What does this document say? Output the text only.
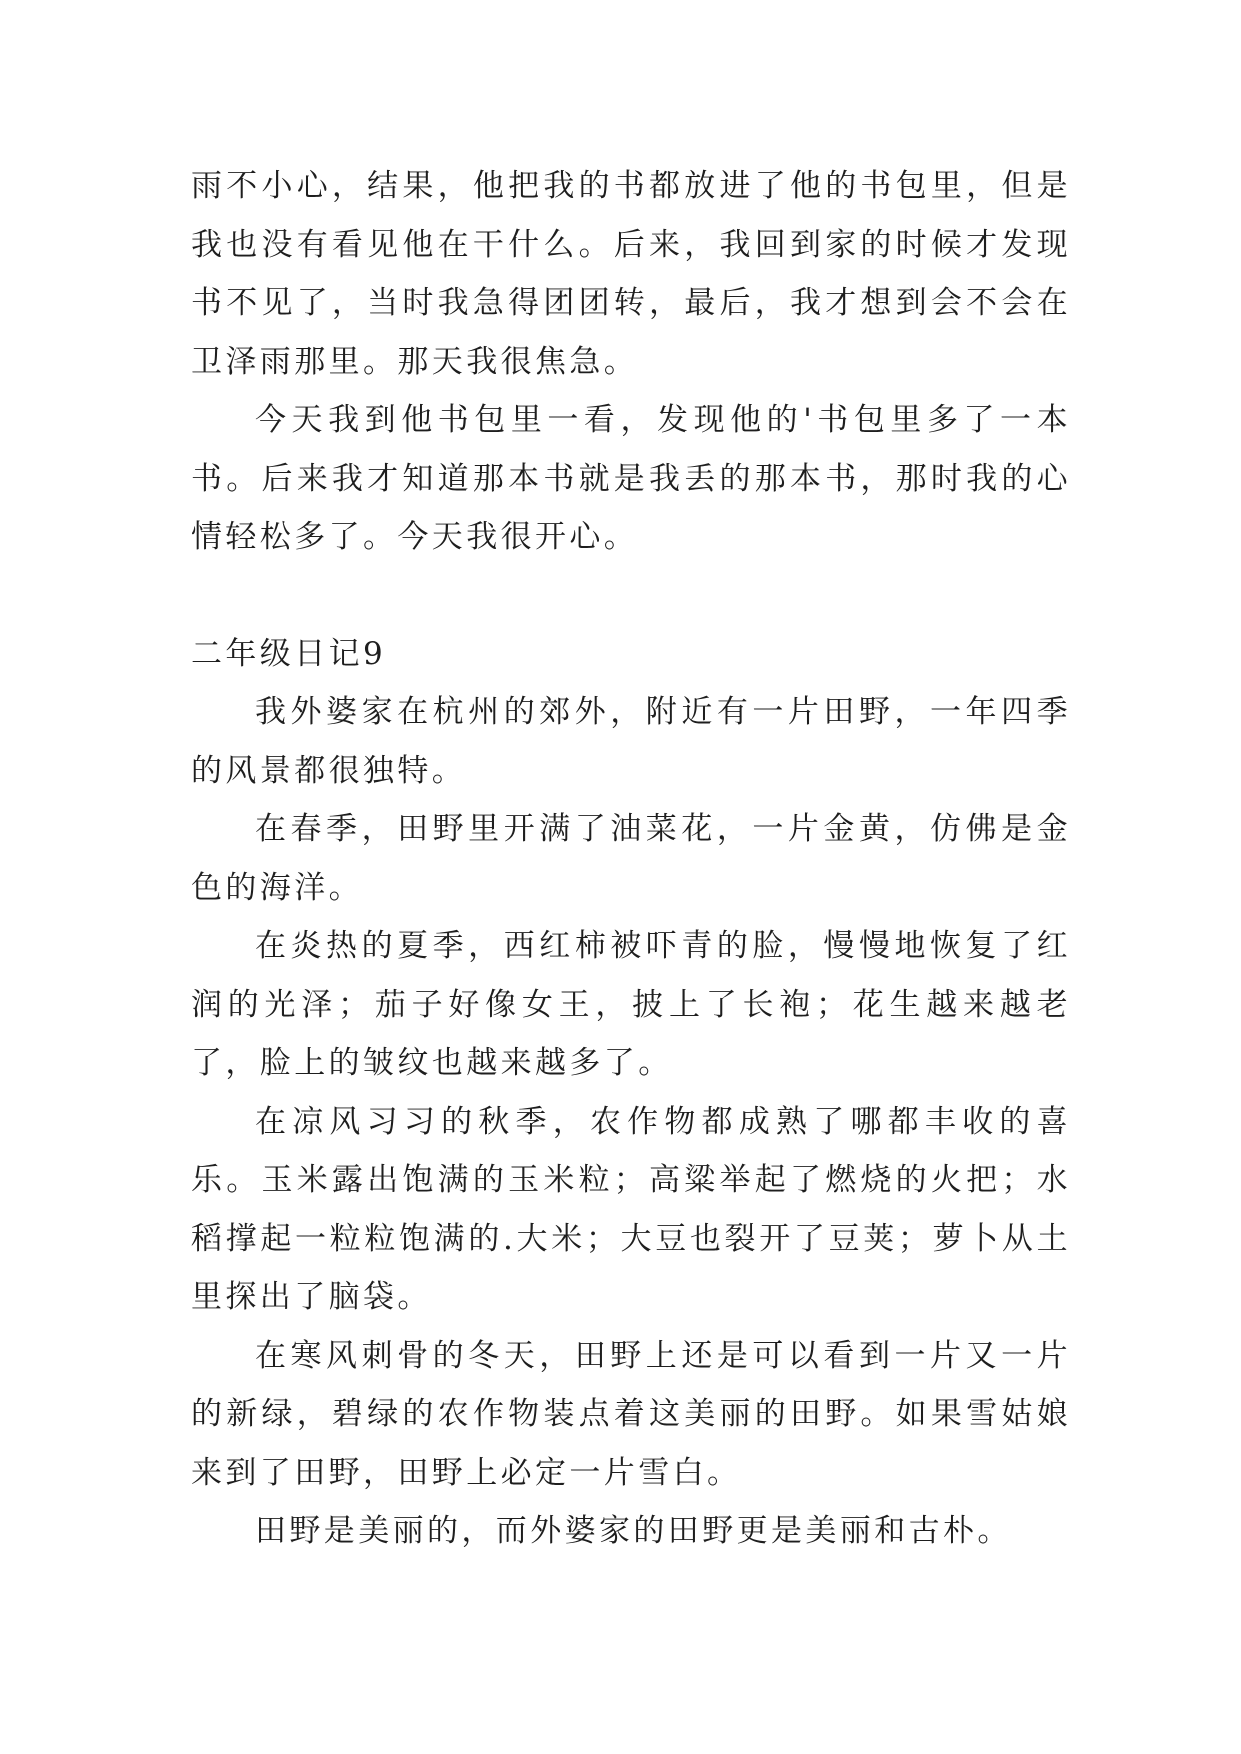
雨不小心，结果，他把我的书都放进了他的书包里，但是我也没有看见他在干什么。后来，我回到家的时候才发现书不见了，当时我急得团团转，最后，我才想到会不会在卫泽雨那里。那天我很焦急。

今天我到他书包里一看，发现他的'书包里多了一本书。后来我才知道那本书就是我丢的那本书，那时我的心情轻松多了。今天我很开心。

二年级日记9

我外婆家在杭州的郊外，附近有一片田野，一年四季的风景都很独特。

在春季，田野里开满了油菜花，一片金黄，仿佛是金色的海洋。

在炎热的夏季，西红柿被吓青的脸，慢慢地恢复了红润的光泽；茄子好像女王，披上了长袍；花生越来越老了，脸上的皱纹也越来越多了。

在凉风习习的秋季，农作物都成熟了哪都丰收的喜乐。玉米露出饱满的玉米粒；高粱举起了燃烧的火把；水稻撑起一粒粒饱满的.大米；大豆也裂开了豆荚；萝卜从土里探出了脑袋。

在寒风刺骨的冬天，田野上还是可以看到一片又一片的新绿，碧绿的农作物装点着这美丽的田野。如果雪姑娘来到了田野，田野上必定一片雪白。

田野是美丽的，而外婆家的田野更是美丽和古朴。
